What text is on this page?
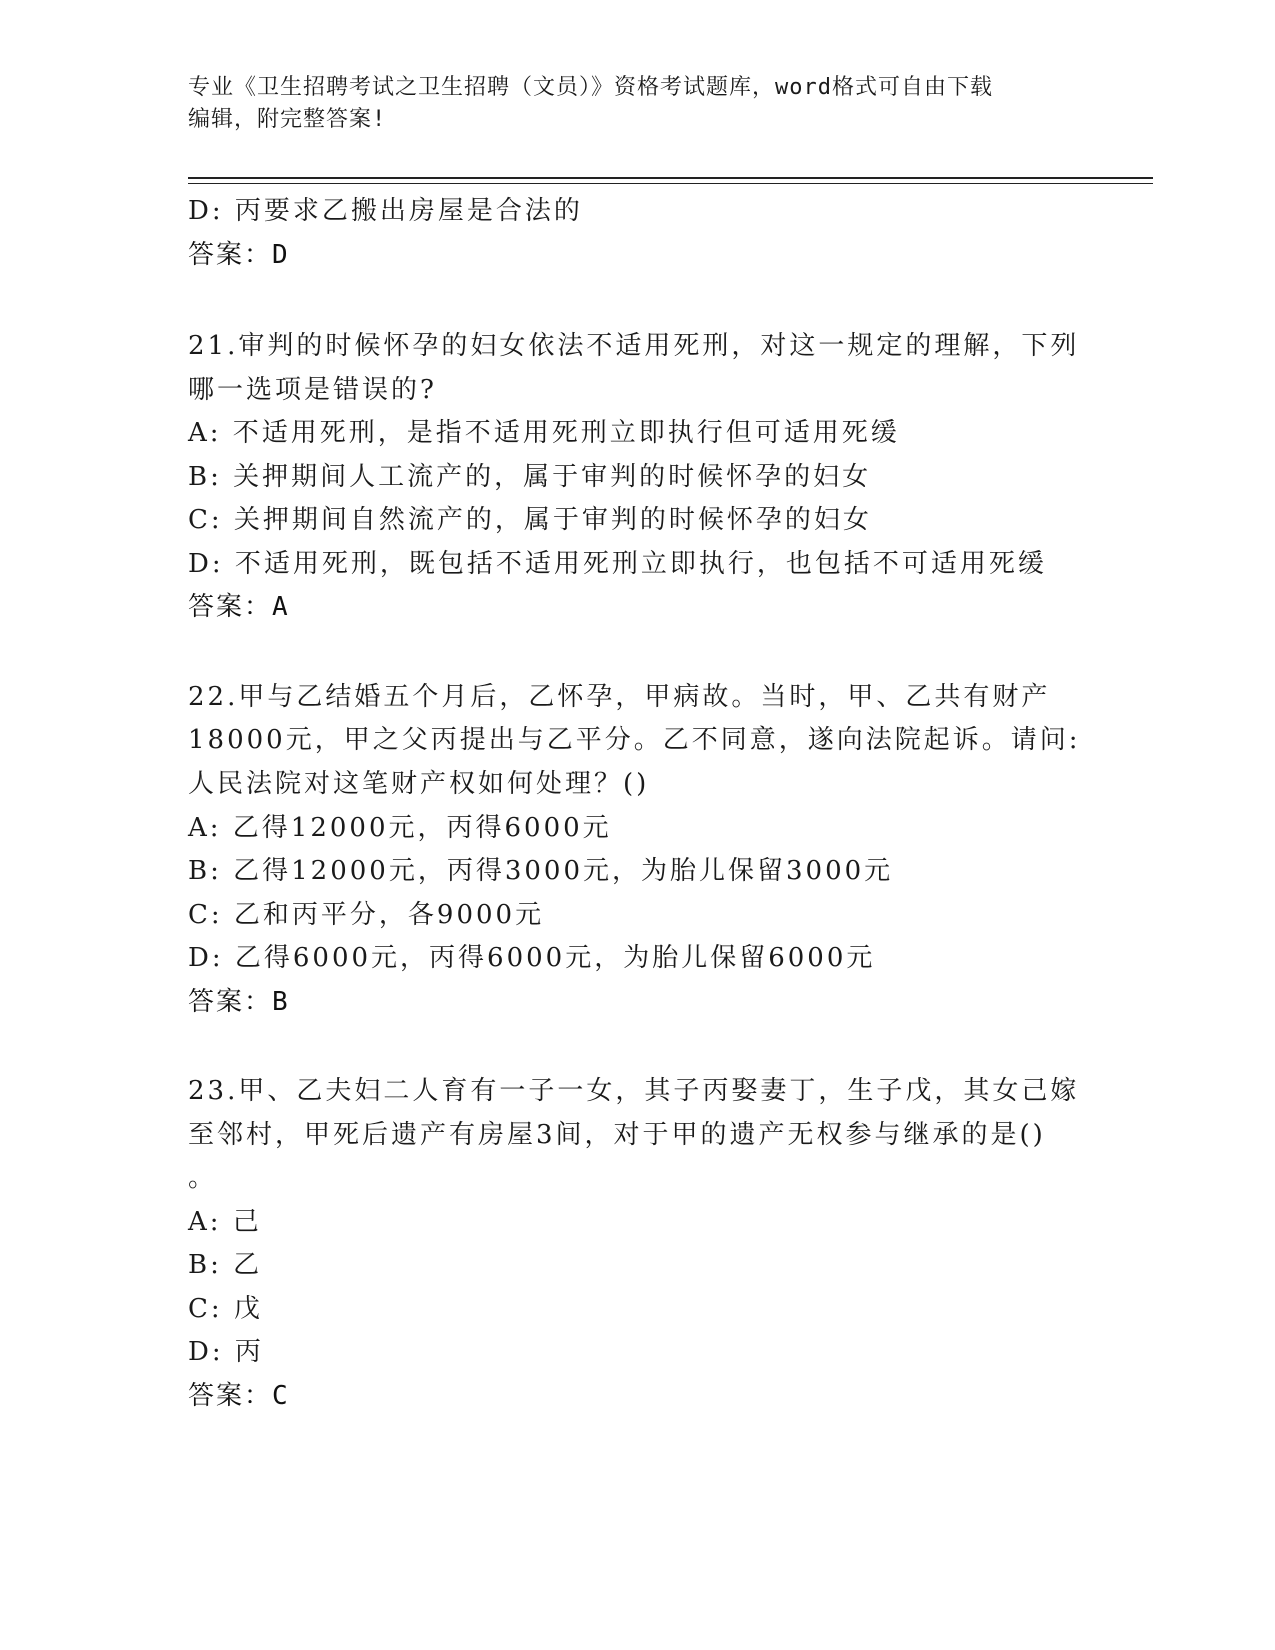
专业《卫生招聘考试之卫生招聘（文员）》资格考试题库，word格式可自由下载
编辑，附完整答案!
D: 丙要求乙搬出房屋是合法的
答案：D
21.审判的时候怀孕的妇女依法不适用死刑，对这一规定的理解，下列
哪一选项是错误的?
A: 不适用死刑，是指不适用死刑立即执行但可适用死缓
B: 关押期间人工流产的，属于审判的时候怀孕的妇女
C: 关押期间自然流产的，属于审判的时候怀孕的妇女
D: 不适用死刑，既包括不适用死刑立即执行，也包括不可适用死缓
答案：A
22.甲与乙结婚五个月后，乙怀孕，甲病故。当时，甲、乙共有财产
18000元，甲之父丙提出与乙平分。乙不同意，遂向法院起诉。请问:
人民法院对这笔财产权如何处理？()
A: 乙得12000元，丙得6000元
B: 乙得12000元，丙得3000元，为胎儿保留3000元
C: 乙和丙平分，各9000元
D: 乙得6000元，丙得6000元，为胎儿保留6000元
答案：B
23.甲、乙夫妇二人育有一子一女，其子丙娶妻丁，生子戊，其女己嫁
至邻村，甲死后遗产有房屋3间，对于甲的遗产无权参与继承的是()
。
A: 己
B: 乙
C: 戊
D: 丙
答案：C
